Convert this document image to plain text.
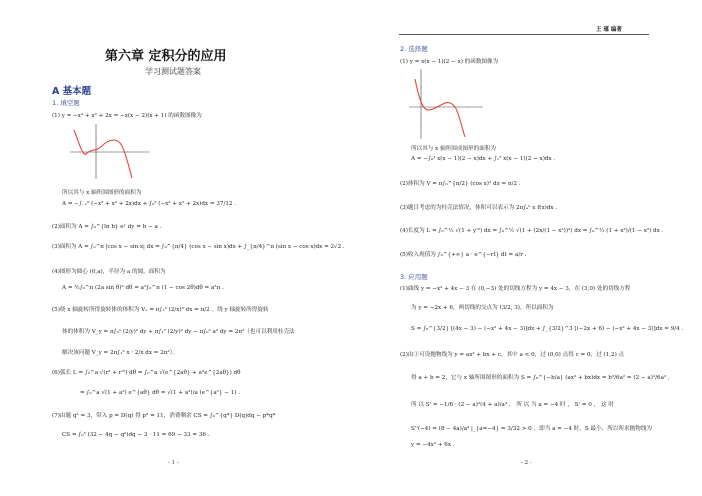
第六章 定积分的应用
学习测试题答案
A 基本题
1. 填空题
(1) y = −x³ + x² + 2x = −x(x − 2)(x + 1) 的函数图像为
所以其与 x 轴所围图形的面积为
A = −∫₋₁⁰ (−x³ + x² + 2x)dx + ∫₀² (−x³ + x² + 2x)dx = 37/12 .
(2)面积为 A = ∫₀^{ln b} eʸ dy = b − a .
(3)面积为 A = ∫₀^π |cos x − sin x| dx = ∫₀^{π/4} (cos x − sin x)dx + ∫_{π/4}^π (sin x − cos x)dx = 2√2 .
(4)图形为圆心 (0,a)，半径为 a 的圆，面积为
A = ½∫₀^π (2a sin θ)² dθ = a²∫₀^π (1 − cos 2θ)dθ = a²π .
(5)绕 x 轴旋转所得旋转体的体积为 Vₓ = π∫₁² (2/x)² dx = π/2 。绕 y 轴旋转所得旋转
体的体积为 V_y = π∫₀¹ (2/y)² dy + π∫₁² (2/y)² dy − π∫₀² a² dy = 2π²（也可以利用柱壳法
解决该问题 V_y = 2π∫₁² x · 2/x dx = 2π²）。
(6)弧长 L = ∫₀^a √(r² + r'²) dθ = ∫₀^a √(e^{2aθ} + a²e^{2aθ}) dθ
= ∫₀^a √(1 + a²) e^{aθ} dθ = √(1 + a²)/a (e^{a²} − 1) .
(7)由题 q² = 3，带入 p = D(q) 得 p² = 11，消费剩余 CS = ∫₀^{q*} D(q)dq − p*q*
CS = ∫₀³ (32 − 4q − q²)dq − 3 · 11 = 69 − 33 = 36 .
- 1 -
王 瑾 编著
2. 选择题
(1) y = x(x − 1)(2 − x) 的函数图像为
所以其与 x 轴所围成图形的面积为
A = −∫₀¹ x(x − 1)(2 − x)dx + ∫₁² x(x − 1)(2 − x)dx .
(2)体积为 V = π∫₀^{π/2} (cos x)² dx = π/2 .
(3)题目考虑的为柱壳法情况，体积可以表示为 2π∫ₐᵇ x f(x)dx .
(4)长度为 L = ∫₀^½ √(1 + y'²) dx = ∫₀^½ √(1 + (2x/(1 − x²))²) dx = ∫₀^½ (1 + x²)/(1 − x²) dx .
(5)收入现值为 ∫₀^{+∞} a · e^{−rt} dt = a/r .
3. 应用题
(1)曲线 y = −x² + 4x − 3 在 (0,−3) 处的切线方程为 y = 4x − 3，在 (3,0) 处的切线方程
为 y = −2x + 6，两切线的交点为 (3/2, 3)，所以面积为
S = ∫₀^{3/2} [(4x − 3) − (−x² + 4x − 3)]dx + ∫_{3/2}^3 [(−2x + 6) − (−x² + 4x − 3)]dx = 9/4 .
(2)由①可设抛物线为 y = ax² + bx + c，其中 a < 0，过 (0,0) 点得 c = 0，过 (1,2) 点
得 a + b = 2，它与 x 轴所围图形的面积为 S = ∫₀^{−b/a} (ax² + bx)dx = b³/6a² = (2 − a)³/6a² ,
所 以 S' = −1/6 · (2 − a)²(4 + a)/a³ ， 所 以 当 a = −4 时 ， S' = 0 ， 这 时
S''(−4) = (8 − 4a)/a⁴ |_{a=−4} = 3/32 > 0 ，即当 a = −4 时，S 最小，所以所求抛物线为
y = −4x² + 6x .
- 2 -
